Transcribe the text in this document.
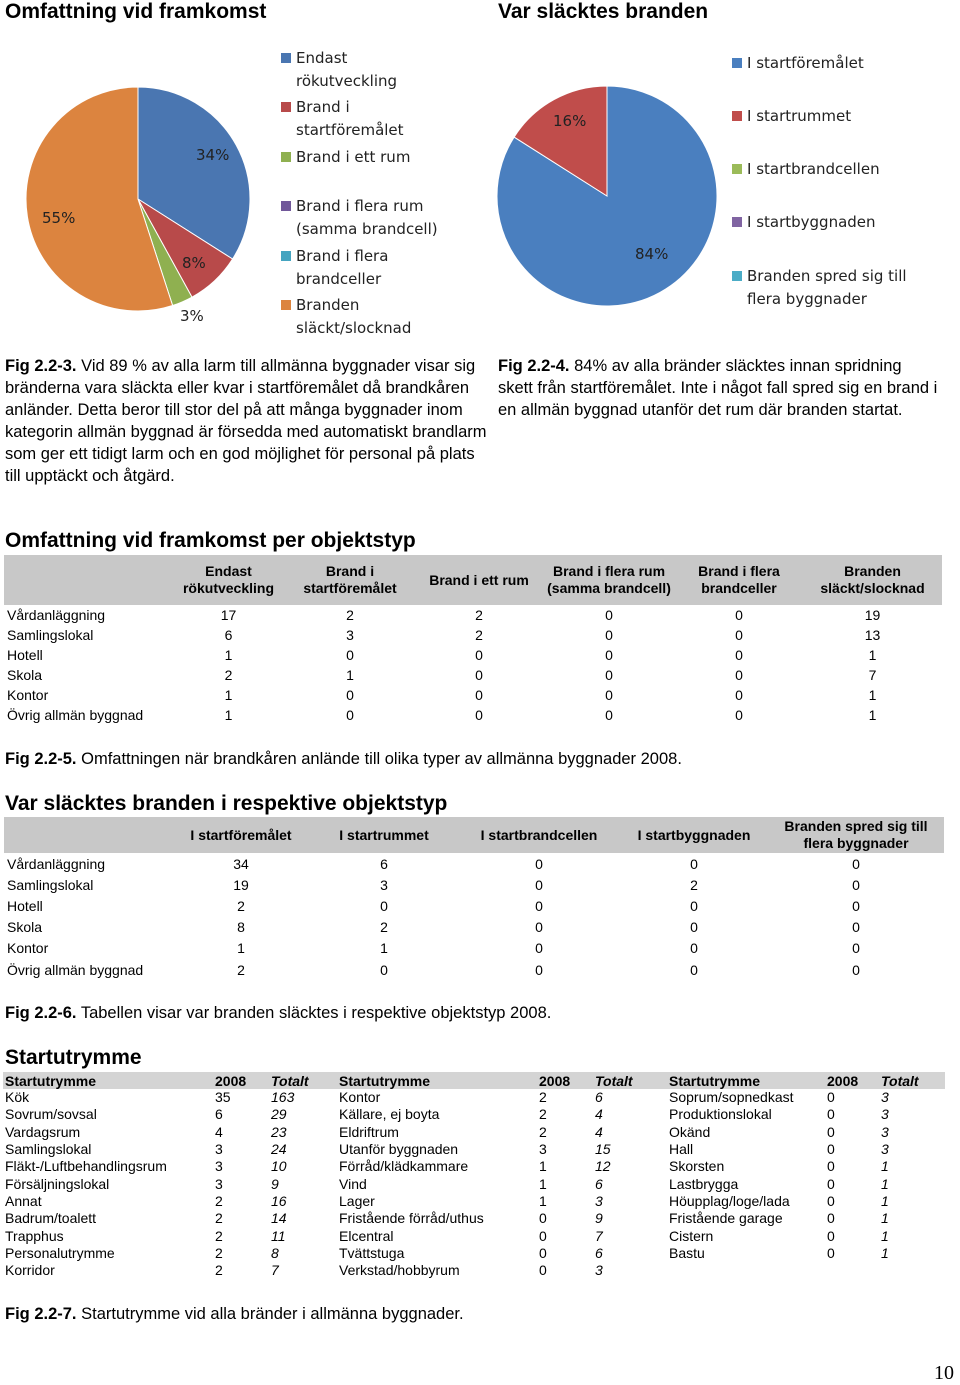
Omfattning vid framkomst
34%
8%
3%
55%
Endast rökutveckling
Brand i startföremålet
Brand i ett rum
Brand i flera rum (samma brandcell)
Brand i flera brandceller
Branden släckt/slocknad
Fig 2.2-3. Vid 89 % av alla larm till allmänna byggnader visar sig bränderna vara släckta eller kvar i startföremålet då brandkåren anländer. Detta beror till stor del på att många byggnader inom kategorin allmän byggnad är försedda med automatiskt brandlarm som ger ett tidigt larm och en god möjlighet för personal på plats till upptäckt och åtgärd.
Var släcktes branden
16%
84%
I startföremålet
I startrummet
I startbrandcellen
I startbyggnaden
Branden spred sig till flera byggnader
Fig 2.2-4. 84% av alla bränder släcktes innan spridning skett från startföremålet. Inte i något fall spred sig en brand i en allmän byggnad utanför det rum där branden startat.
Omfattning vid framkomst per objektstyp
	Endast rökutveckling	Brand i startföremålet	Brand i ett rum	Brand i flera rum (samma brandcell)	Brand i flera brandceller	Branden släckt/slocknad
Vårdanläggning	17	2	2	0	0	19
Samlingslokal	6	3	2	0	0	13
Hotell	1	0	0	0	0	1
Skola	2	1	0	0	0	7
Kontor	1	0	0	0	0	1
Övrig allmän byggnad	1	0	0	0	0	1
Fig 2.2-5. Omfattningen när brandkåren anlände till olika typer av allmänna byggnader 2008.
Var släcktes branden i respektive objektstyp
	I startföremålet	I startrummet	I startbrandcellen	I startbyggnaden	Branden spred sig till flera byggnader
Vårdanläggning	34	6	0	0	0
Samlingslokal	19	3	0	2	0
Hotell	2	0	0	0	0
Skola	8	2	0	0	0
Kontor	1	1	0	0	0
Övrig allmän byggnad	2	0	0	0	0
Fig 2.2-6. Tabellen visar var branden släcktes i respektive objektstyp 2008.
Startutrymme
Startutrymme	2008	Totalt	Startutrymme	2008	Totalt	Startutrymme	2008	Totalt
Kök	35	163	Kontor	2	6	Soprum/sopnedkast	0	3
Sovrum/sovsal	6	29	Källare, ej boyta	2	4	Produktionslokal	0	3
Vardagsrum	4	23	Eldriftrum	2	4	Okänd	0	3
Samlingslokal	3	24	Utanför byggnaden	3	15	Hall	0	3
Fläkt-/Luftbehandlingsrum	3	10	Förråd/klädkammare	1	12	Skorsten	0	1
Försäljningslokal	3	9	Vind	1	6	Lastbrygga	0	1
Annat	2	16	Lager	1	3	Höupplag/loge/lada	0	1
Badrum/toalett	2	14	Fristående förråd/uthus	0	9	Fristående garage	0	1
Trapphus	2	11	Elcentral	0	7	Cistern	0	1
Personalutrymme	2	8	Tvättstuga	0	6	Bastu	0	1
Korridor	2	7	Verkstad/hobbyrum	0	3			
Fig 2.2-7. Startutrymme vid alla bränder i allmänna byggnader.
10
